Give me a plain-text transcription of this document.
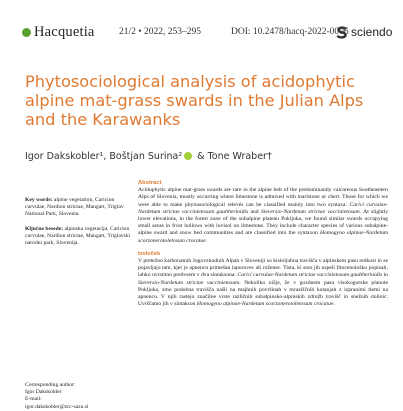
Hacquetia	21/2 • 2022, 253–295	DOI: 10.2478/hacq-2022-0006 sciendo
Phytosociological analysis of acidophytic
alpine mat-grass swards in the Julian Alps
and the Karawanks
Igor Dakskobler¹, Boštjan Surina² & Tone Wraber†

Key words: alpine vegetation, Caricion curvulae, Nardion strictae, Mangart, Triglav National Park, Slovenia.

Ključne besede: alpinska vegetacija, Caricion curvulae, Nardion strictae, Mangart, Triglavski narodni park, Slovenija.

Corresponding author:
Igor Dakskobler
E-mail:
igor.dakskobler@zrc-sazu.si
Abstract

Acidophytic alpine mat-grass swards are rare in the alpine belt of the predominantly calcareous Southeastern Alps of Slovenia, mostly occurring where limestone is admixed with marlstone or chert. Those for which we were able to make phytosociological relevés can be classified mainly into two syntaxa: Carici curvulae-Nardetum strictae vaccinietosum gaultherioidis and Sieversio-Nardetum strictae vaccinietosum. At slightly lower elevations, in the forest zone of the subalpine plateau Pokljuka, we found similar swards occupying small areas in frost hollows with luvisol on limestone. They include character species of various subalpine-alpine sward and snow bed communities and are classified into the syntaxon Homogyno alpinae-Nardetum scorzonerotoletosum crocatae.

Izvleček

V pretežno karbonatnih Jugovzhodnih Alpah v Sloveniji so kisloljubna travišča v alpinskem pasu redkost in se pojavljajo tam, kjer je apnencu primešan laporovec ali roženec. Tista, ki smo jih uspeli fitocenološko popisati, lahko uvrstimo predvsem v dva sintaksona: Carici curvulae-Nardetum strictae vaccinietosum gaultherioidis in Sieversio-Nardetum strictae vaccinietosum. Nekoliko nižje, že v gozdnem pasu visokogorske planote Pokljuka, smo podobna travišča našli na majhnih površinah v mraziščnih kotanjah z izpranimi tlemi na apnencu. V njih rastejo značilne vrste različnih subalpinsko-alpinskih združb travišč in snežnih dolinic. Uvrščamo jih v sintakson Homogyno alpinae-Nardetum scorzonerotoletosum crocatae.
